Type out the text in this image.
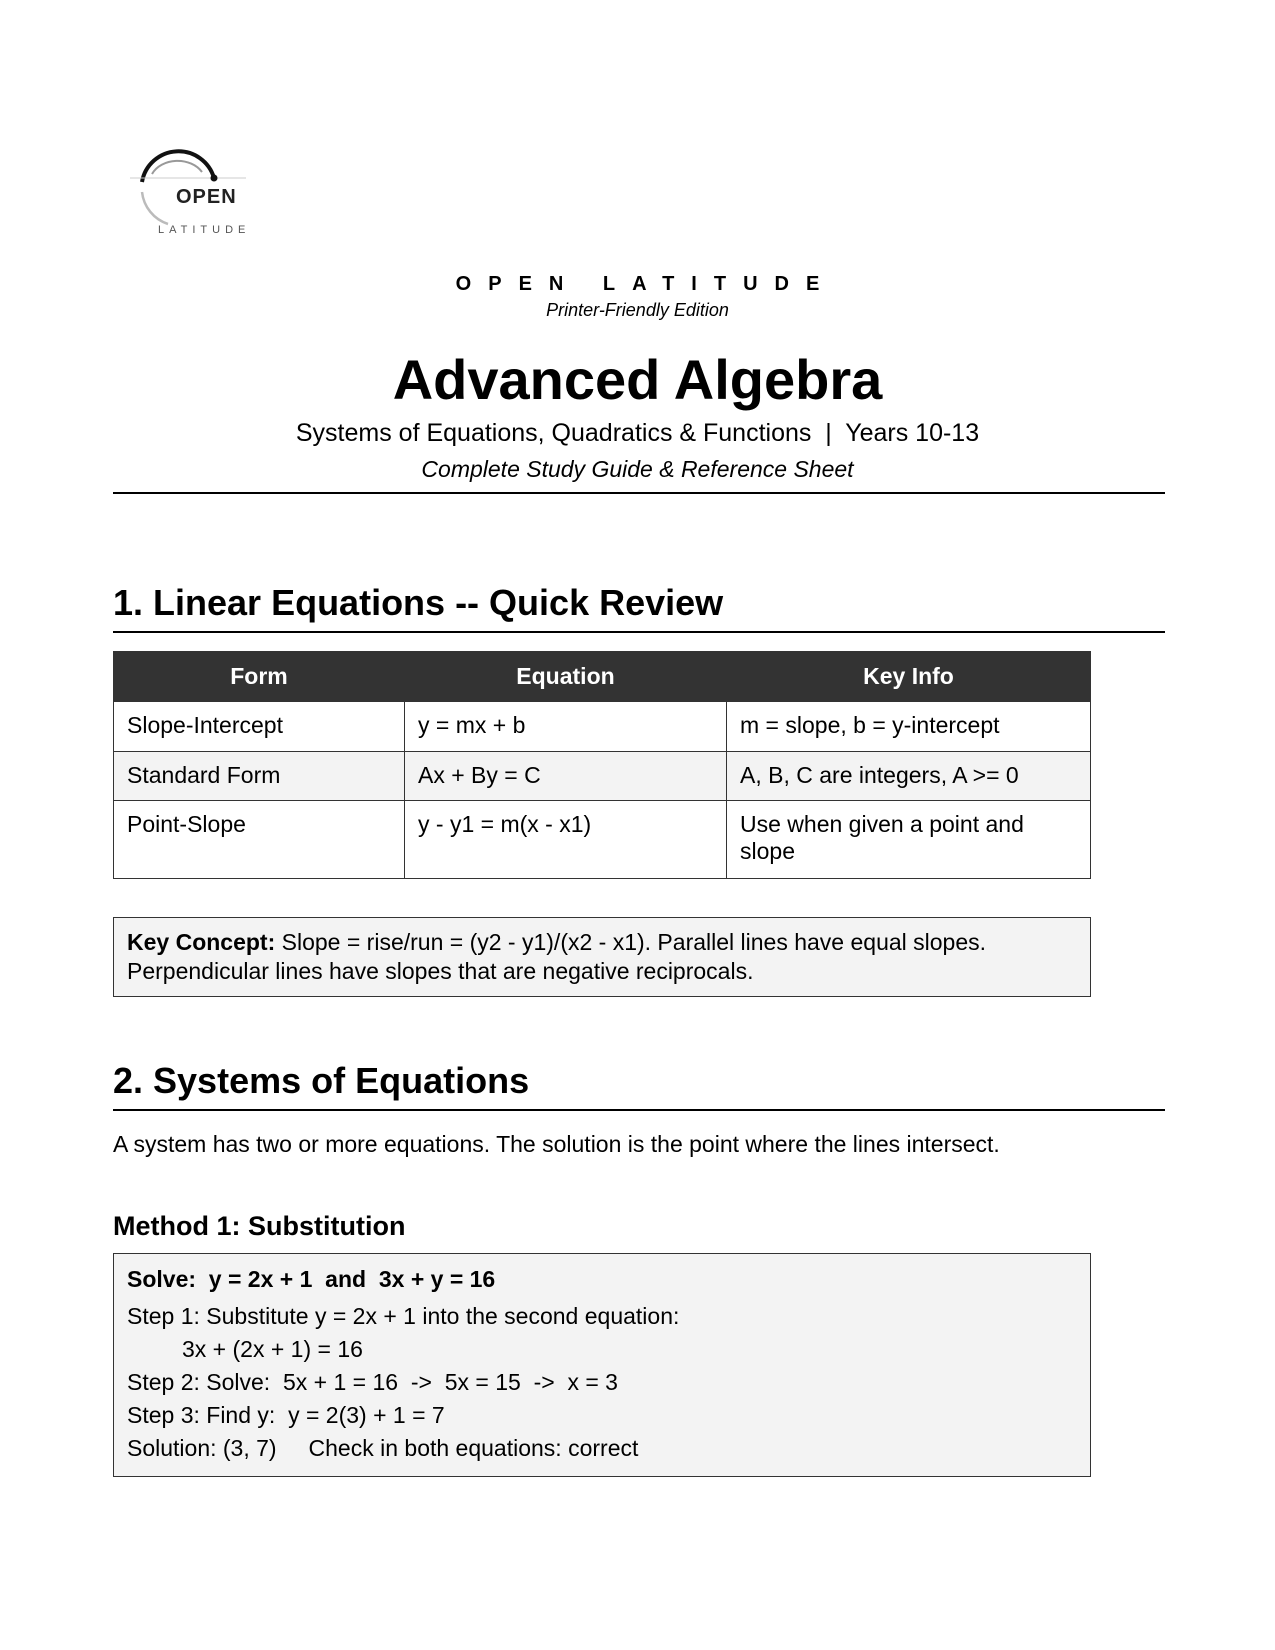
OPEN
LATITUDE
OPEN LATITUDE
Printer-Friendly Edition
Advanced Algebra
Systems of Equations, Quadratics & Functions  |  Years 10-13
Complete Study Guide & Reference Sheet
1. Linear Equations -- Quick Review
Form	Equation	Key Info
Slope-Intercept	y = mx + b	m = slope, b = y-intercept
Standard Form	Ax + By = C	A, B, C are integers, A >= 0
Point-Slope	y - y1 = m(x - x1)	Use when given a point and slope
Key Concept: Slope = rise/run = (y2 - y1)/(x2 - x1). Parallel lines have equal slopes. Perpendicular lines have slopes that are negative reciprocals.
2. Systems of Equations
A system has two or more equations. The solution is the point where the lines intersect.
Method 1: Substitution
Solve:  y = 2x + 1  and  3x + y = 16
Step 1: Substitute y = 2x + 1 into the second equation:
3x + (2x + 1) = 16
Step 2: Solve:  5x + 1 = 16  ->  5x = 15  ->  x = 3
Step 3: Find y:  y = 2(3) + 1 = 7
Solution: (3, 7)     Check in both equations: correct
